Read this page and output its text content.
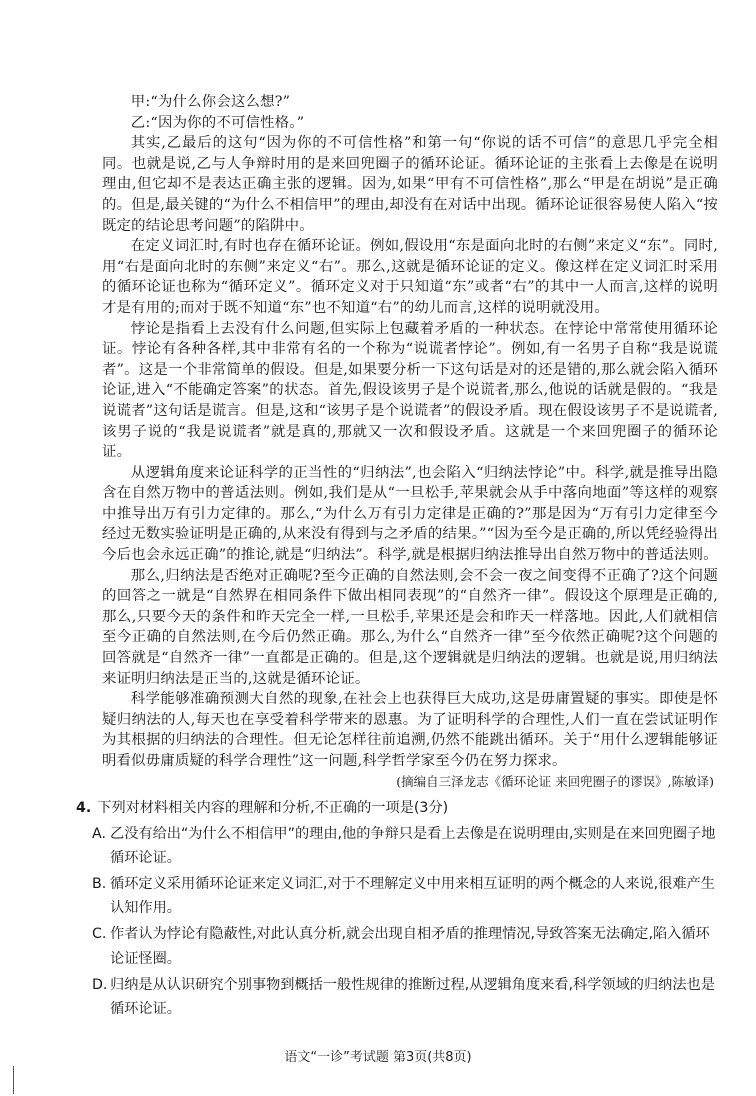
甲:“为什么你会这么想?”

乙:“因为你的不可信性格。”

其实,乙最后的这句“因为你的不可信性格”和第一句“你说的话不可信”的意思几乎完全相同。也就是说,乙与人争辩时用的是来回兜圈子的循环论证。循环论证的主张看上去像是在说明理由,但它却不是表达正确主张的逻辑。因为,如果“甲有不可信性格”,那么“甲是在胡说”是正确的。但是,最关键的“为什么不相信甲”的理由,却没有在对话中出现。循环论证很容易使人陷入“按既定的结论思考问题”的陷阱中。

在定义词汇时,有时也存在循环论证。例如,假设用“东是面向北时的右侧”来定义“东”。同时,用“右是面向北时的东侧”来定义“右”。那么,这就是循环论证的定义。像这样在定义词汇时采用的循环论证也称为“循环定义”。循环定义对于只知道“东”或者“右”的其中一人而言,这样的说明才是有用的;而对于既不知道“东”也不知道“右”的幼儿而言,这样的说明就没用。

悖论是指看上去没有什么问题,但实际上包藏着矛盾的一种状态。在悖论中常常使用循环论证。悖论有各种各样,其中非常有名的一个称为“说谎者悖论”。例如,有一名男子自称“我是说谎者”。这是一个非常简单的假设。但是,如果要分析一下这句话是对的还是错的,那么就会陷入循环论证,进入“不能确定答案”的状态。首先,假设该男子是个说谎者,那么,他说的话就是假的。“我是说谎者”这句话是谎言。但是,这和“该男子是个说谎者”的假设矛盾。现在假设该男子不是说谎者,该男子说的“我是说谎者”就是真的,那就又一次和假设矛盾。这就是一个来回兜圈子的循环论证。

从逻辑角度来论证科学的正当性的“归纳法”,也会陷入“归纳法悖论”中。科学,就是推导出隐含在自然万物中的普适法则。例如,我们是从“一旦松手,苹果就会从手中落向地面”等这样的观察中推导出万有引力定律的。那么,“为什么万有引力定律是正确的?”那是因为“万有引力定律至今经过无数实验证明是正确的,从来没有得到与之矛盾的结果。”“因为至今是正确的,所以凭经验得出今后也会永远正确”的推论,就是“归纳法”。科学,就是根据归纳法推导出自然万物中的普适法则。

那么,归纳法是否绝对正确呢?至今正确的自然法则,会不会一夜之间变得不正确了?这个问题的回答之一就是“自然界在相同条件下做出相同表现”的“自然齐一律”。假设这个原理是正确的,那么,只要今天的条件和昨天完全一样,一旦松手,苹果还是会和昨天一样落地。因此,人们就相信至今正确的自然法则,在今后仍然正确。那么,为什么“自然齐一律”至今依然正确呢?这个问题的回答就是“自然齐一律”一直都是正确的。但是,这个逻辑就是归纳法的逻辑。也就是说,用归纳法来证明归纳法是正当的,这就是循环论证。

科学能够准确预测大自然的现象,在社会上也获得巨大成功,这是毋庸置疑的事实。即使是怀疑归纳法的人,每天也在享受着科学带来的恩惠。为了证明科学的合理性,人们一直在尝试证明作为其根据的归纳法的合理性。但无论怎样往前追溯,仍然不能跳出循环。关于“用什么逻辑能够证明看似毋庸质疑的科学合理性”这一问题,科学哲学家至今仍在努力探求。

(摘编自三泽龙志《循环论证 来回兜圈子的谬误》,陈敏译)
4. 下列对材料相关内容的理解和分析,不正确的一项是(3分)
A. 乙没有给出“为什么不相信甲”的理由,他的争辩只是看上去像是在说明理由,实则是在来回兜圈子地循环论证。
B. 循环定义采用循环论证来定义词汇,对于不理解定义中用来相互证明的两个概念的人来说,很难产生认知作用。
C. 作者认为悖论有隐蔽性,对此认真分析,就会出现自相矛盾的推理情况,导致答案无法确定,陷入循环论证怪圈。
D. 归纳是从认识研究个别事物到概括一般性规律的推断过程,从逻辑角度来看,科学领域的归纳法也是循环论证。
语文“一诊”考试题 第3页(共8页)
